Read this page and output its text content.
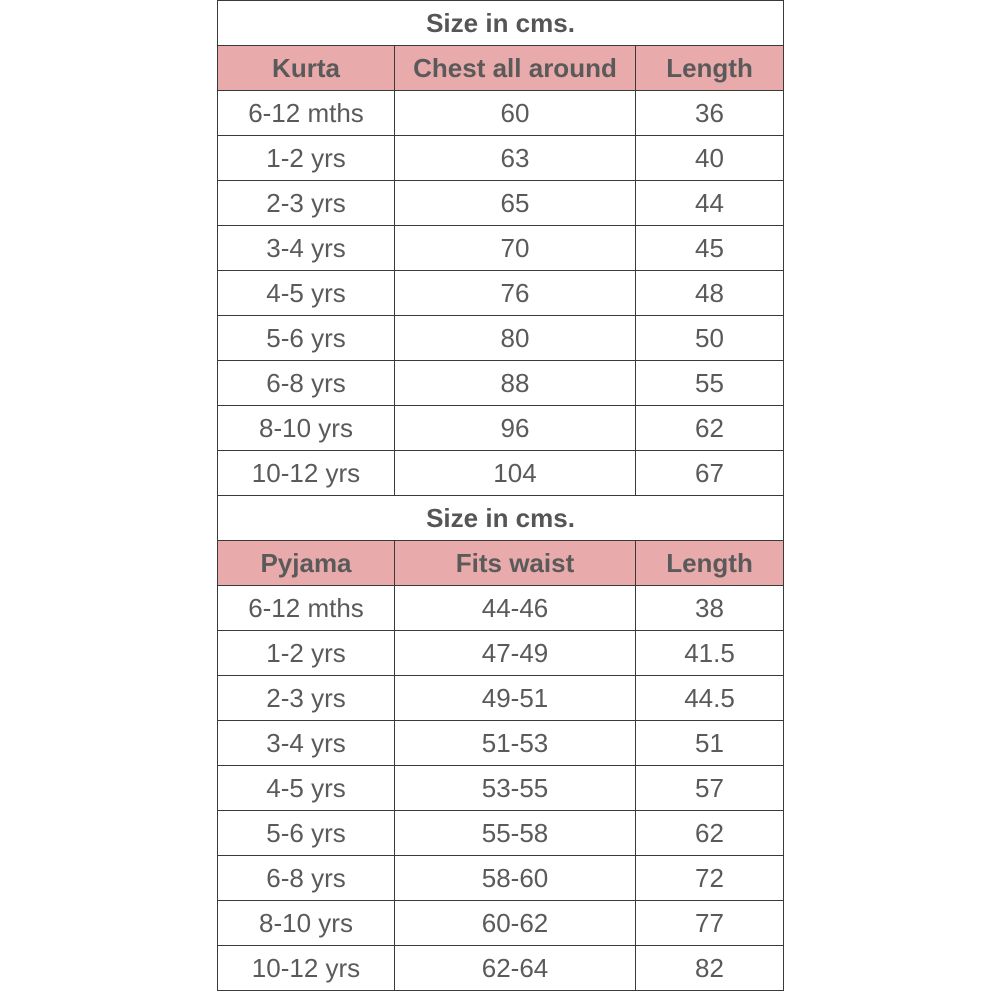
Size in cms.		
Kurta	Chest all around	Length
6-12 mths	60	36
1-2 yrs	63	40
2-3 yrs	65	44
3-4 yrs	70	45
4-5 yrs	76	48
5-6 yrs	80	50
6-8 yrs	88	55
8-10 yrs	96	62
10-12 yrs	104	67
Size in cms.		
Pyjama	Fits waist	Length
6-12 mths	44-46	38
1-2 yrs	47-49	41.5
2-3 yrs	49-51	44.5
3-4 yrs	51-53	51
4-5 yrs	53-55	57
5-6 yrs	55-58	62
6-8 yrs	58-60	72
8-10 yrs	60-62	77
10-12 yrs	62-64	82
